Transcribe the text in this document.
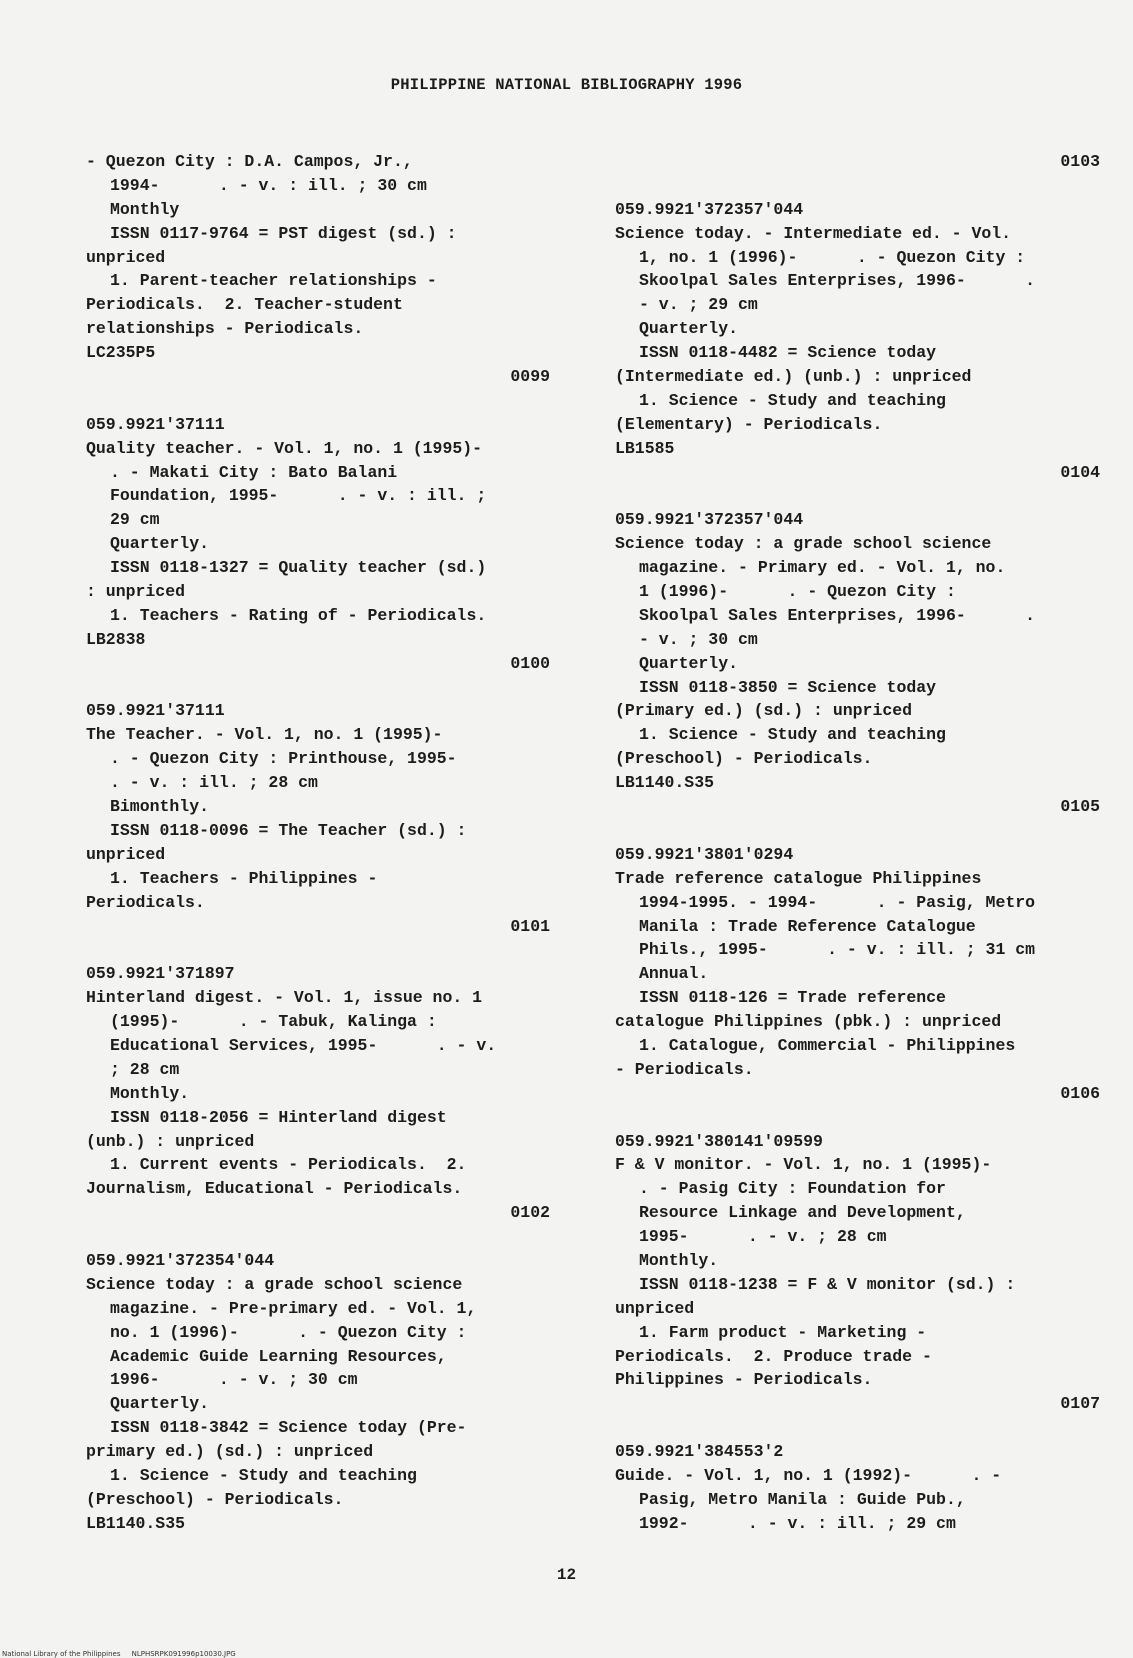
PHILIPPINE NATIONAL BIBLIOGRAPHY 1996
- Quezon City : D.A. Campos, Jr.,
1994-      . - v. : ill. ; 30 cm
Monthly
ISSN 0117-9764 = PST digest (sd.) :
unpriced
1. Parent-teacher relationships -
Periodicals.  2. Teacher-student
relationships - Periodicals.
LC235P5
0099
059.9921'37111
Quality teacher. - Vol. 1, no. 1 (1995)-
. - Makati City : Bato Balani
Foundation, 1995-      . - v. : ill. ;
29 cm
Quarterly.
ISSN 0118-1327 = Quality teacher (sd.)
: unpriced
1. Teachers - Rating of - Periodicals.
LB2838
0100
059.9921'37111
The Teacher. - Vol. 1, no. 1 (1995)-
. - Quezon City : Printhouse, 1995-
. - v. : ill. ; 28 cm
Bimonthly.
ISSN 0118-0096 = The Teacher (sd.) :
unpriced
1. Teachers - Philippines -
Periodicals.
0101
059.9921'371897
Hinterland digest. - Vol. 1, issue no. 1
(1995)-      . - Tabuk, Kalinga :
Educational Services, 1995-      . - v.
; 28 cm
Monthly.
ISSN 0118-2056 = Hinterland digest
(unb.) : unpriced
1. Current events - Periodicals.  2.
Journalism, Educational - Periodicals.
0102
059.9921'372354'044
Science today : a grade school science
magazine. - Pre-primary ed. - Vol. 1,
no. 1 (1996)-      . - Quezon City :
Academic Guide Learning Resources,
1996-      . - v. ; 30 cm
Quarterly.
ISSN 0118-3842 = Science today (Pre-
primary ed.) (sd.) : unpriced
1. Science - Study and teaching
(Preschool) - Periodicals.
LB1140.S35
0103
059.9921'372357'044
Science today. - Intermediate ed. - Vol.
1, no. 1 (1996)-      . - Quezon City :
Skoolpal Sales Enterprises, 1996-      .
- v. ; 29 cm
Quarterly.
ISSN 0118-4482 = Science today
(Intermediate ed.) (unb.) : unpriced
1. Science - Study and teaching
(Elementary) - Periodicals.
LB1585
0104
059.9921'372357'044
Science today : a grade school science
magazine. - Primary ed. - Vol. 1, no.
1 (1996)-      . - Quezon City :
Skoolpal Sales Enterprises, 1996-      .
- v. ; 30 cm
Quarterly.
ISSN 0118-3850 = Science today
(Primary ed.) (sd.) : unpriced
1. Science - Study and teaching
(Preschool) - Periodicals.
LB1140.S35
0105
059.9921'3801'0294
Trade reference catalogue Philippines
1994-1995. - 1994-      . - Pasig, Metro
Manila : Trade Reference Catalogue
Phils., 1995-      . - v. : ill. ; 31 cm
Annual.
ISSN 0118-126 = Trade reference
catalogue Philippines (pbk.) : unpriced
1. Catalogue, Commercial - Philippines
- Periodicals.
0106
059.9921'380141'09599
F & V monitor. - Vol. 1, no. 1 (1995)-
. - Pasig City : Foundation for
Resource Linkage and Development,
1995-      . - v. ; 28 cm
Monthly.
ISSN 0118-1238 = F & V monitor (sd.) :
unpriced
1. Farm product - Marketing -
Periodicals.  2. Produce trade -
Philippines - Periodicals.
0107
059.9921'384553'2
Guide. - Vol. 1, no. 1 (1992)-      . -
Pasig, Metro Manila : Guide Pub.,
1992-      . - v. : ill. ; 29 cm
12
National Library of the Philippines     NLPHSRPK091996p10030.JPG
